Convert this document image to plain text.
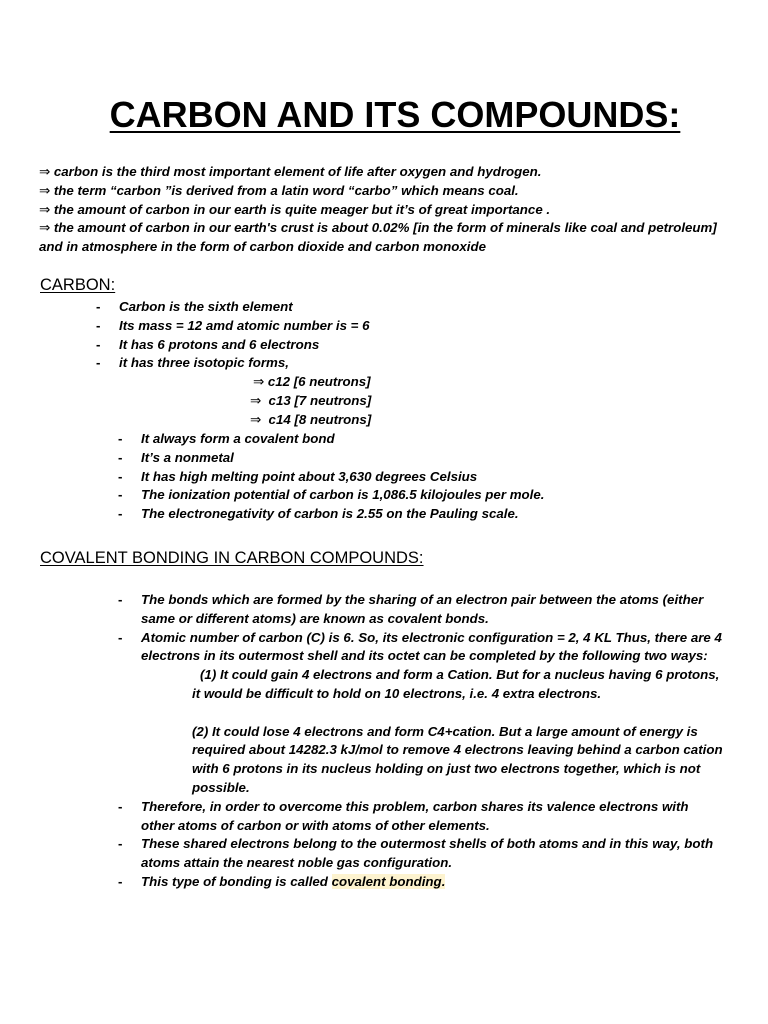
CARBON AND ITS COMPOUNDS:

⇒ carbon is the third most important element of life after oxygen and hydrogen.

⇒ the term “carbon ”is derived from a latin word “carbo” which means coal.

⇒ the amount of carbon in our earth is quite meager but it’s of great importance .

⇒ the amount of carbon in our earth's crust is about 0.02% [in the form of minerals like coal and petroleum]

and in atmosphere in the form of carbon dioxide and carbon monoxide

CARBON:
- Carbon is the sixth element
- Its mass = 12 amd atomic number is = 6
- It has 6 protons and 6 electrons
- it has three isotopic forms,
⇒ c12 [6 neutrons]
⇒ c13 [7 neutrons]
⇒ c14 [8 neutrons]
- It always form a covalent bond
- It’s a nonmetal
- It has high melting point about 3,630 degrees Celsius
- The ionization potential of carbon is 1,086.5 kilojoules per mole.
- The electronegativity of carbon is 2.55 on the Pauling scale.
COVALENT BONDING IN CARBON COMPOUNDS:
- The bonds which are formed by the sharing of an electron pair between the atoms (either

same or different atoms) are known as covalent bonds.

- Atomic number of carbon (C) is 6. So, its electronic configuration = 2, 4 KL Thus, there are 4

electrons in its outermost shell and its octet can be completed by the following two ways:

(1) It could gain 4 electrons and form a Cation. But for a nucleus having 6 protons,

it would be difficult to hold on 10 electrons, i.e. 4 extra electrons.

(2) It could lose 4 electrons and form C4+cation. But a large amount of energy is

required about 14282.3 kJ/mol to remove 4 electrons leaving behind a carbon cation

with 6 protons in its nucleus holding on just two electrons together, which is not

possible.

- Therefore, in order to overcome this problem, carbon shares its valence electrons with

other atoms of carbon or with atoms of other elements.

- These shared electrons belong to the outermost shells of both atoms and in this way, both

atoms attain the nearest noble gas configuration.

- This type of bonding is called covalent bonding.
